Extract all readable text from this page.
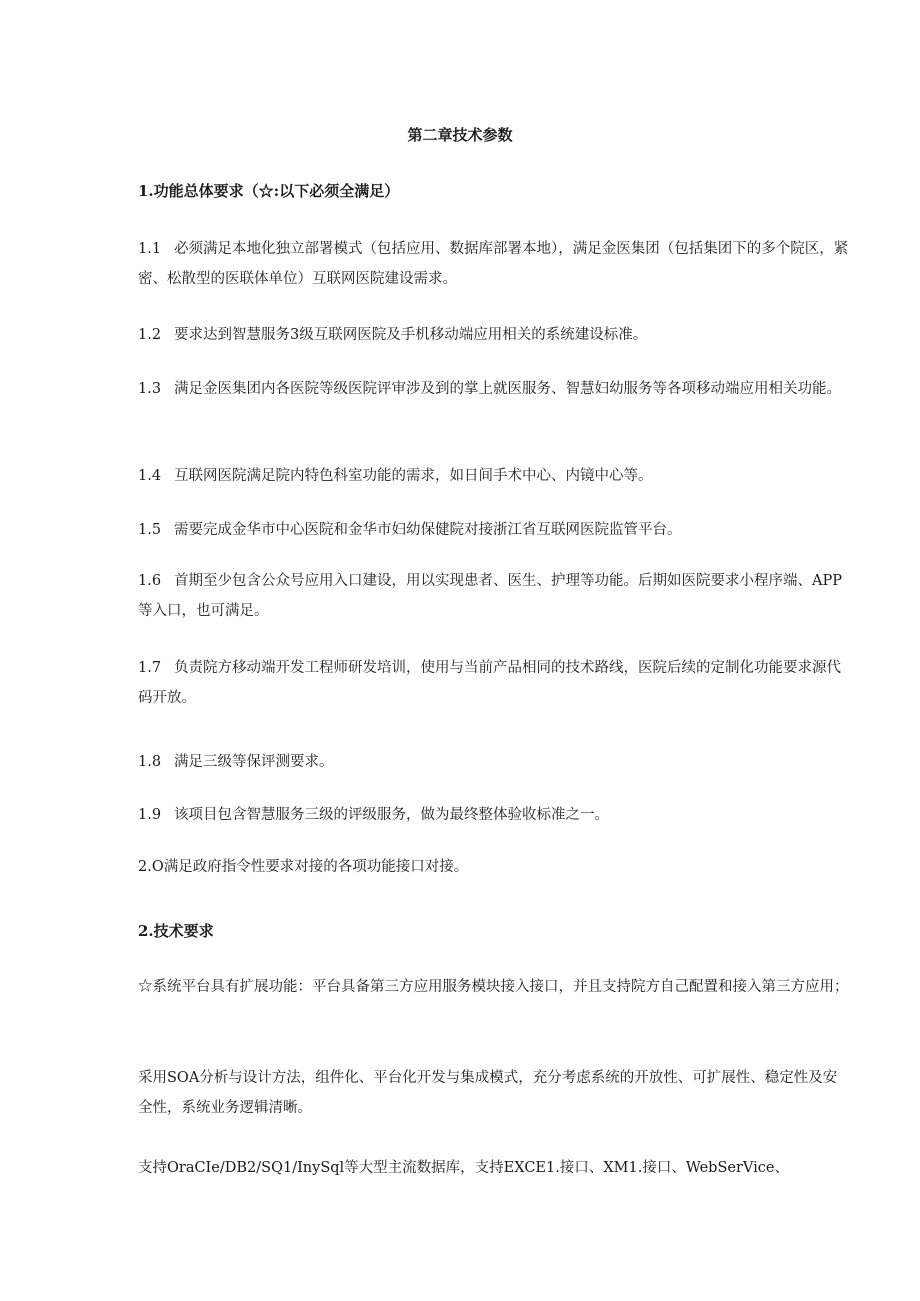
第二章技术参数
1.功能总体要求（☆:以下必须全满足）

1.1 必须满足本地化独立部署模式（包括应用、数据库部署本地），满足金医集团（包括集团下的多个院区，紧密、松散型的医联体单位）互联网医院建设需求。

1.2 要求达到智慧服务3级互联网医院及手机移动端应用相关的系统建设标准。

1.3 满足金医集团内各医院等级医院评审涉及到的掌上就医服务、智慧妇幼服务等各项移动端应用相关功能。

1.4 互联网医院满足院内特色科室功能的需求，如日间手术中心、内镜中心等。

1.5 需要完成金华市中心医院和金华市妇幼保健院对接浙江省互联网医院监管平台。

1.6 首期至少包含公众号应用入口建设，用以实现患者、医生、护理等功能。后期如医院要求小程序端、APP等入口，也可满足。

1.7 负责院方移动端开发工程师研发培训，使用与当前产品相同的技术路线，医院后续的定制化功能要求源代码开放。

1.8 满足三级等保评测要求。

1.9 该项目包含智慧服务三级的评级服务，做为最终整体验收标准之一。

2.O满足政府指令性要求对接的各项功能接口对接。

2.技术要求

☆系统平台具有扩展功能：平台具备第三方应用服务模块接入接口，并且支持院方自己配置和接入第三方应用；

采用SOA分析与设计方法，组件化、平台化开发与集成模式，充分考虑系统的开放性、可扩展性、稳定性及安全性，系统业务逻辑清晰。

支持OraCIe/DB2/SQ1/InySql等大型主流数据库，支持EXCE1.接口、XM1.接口、WebSerVice、
